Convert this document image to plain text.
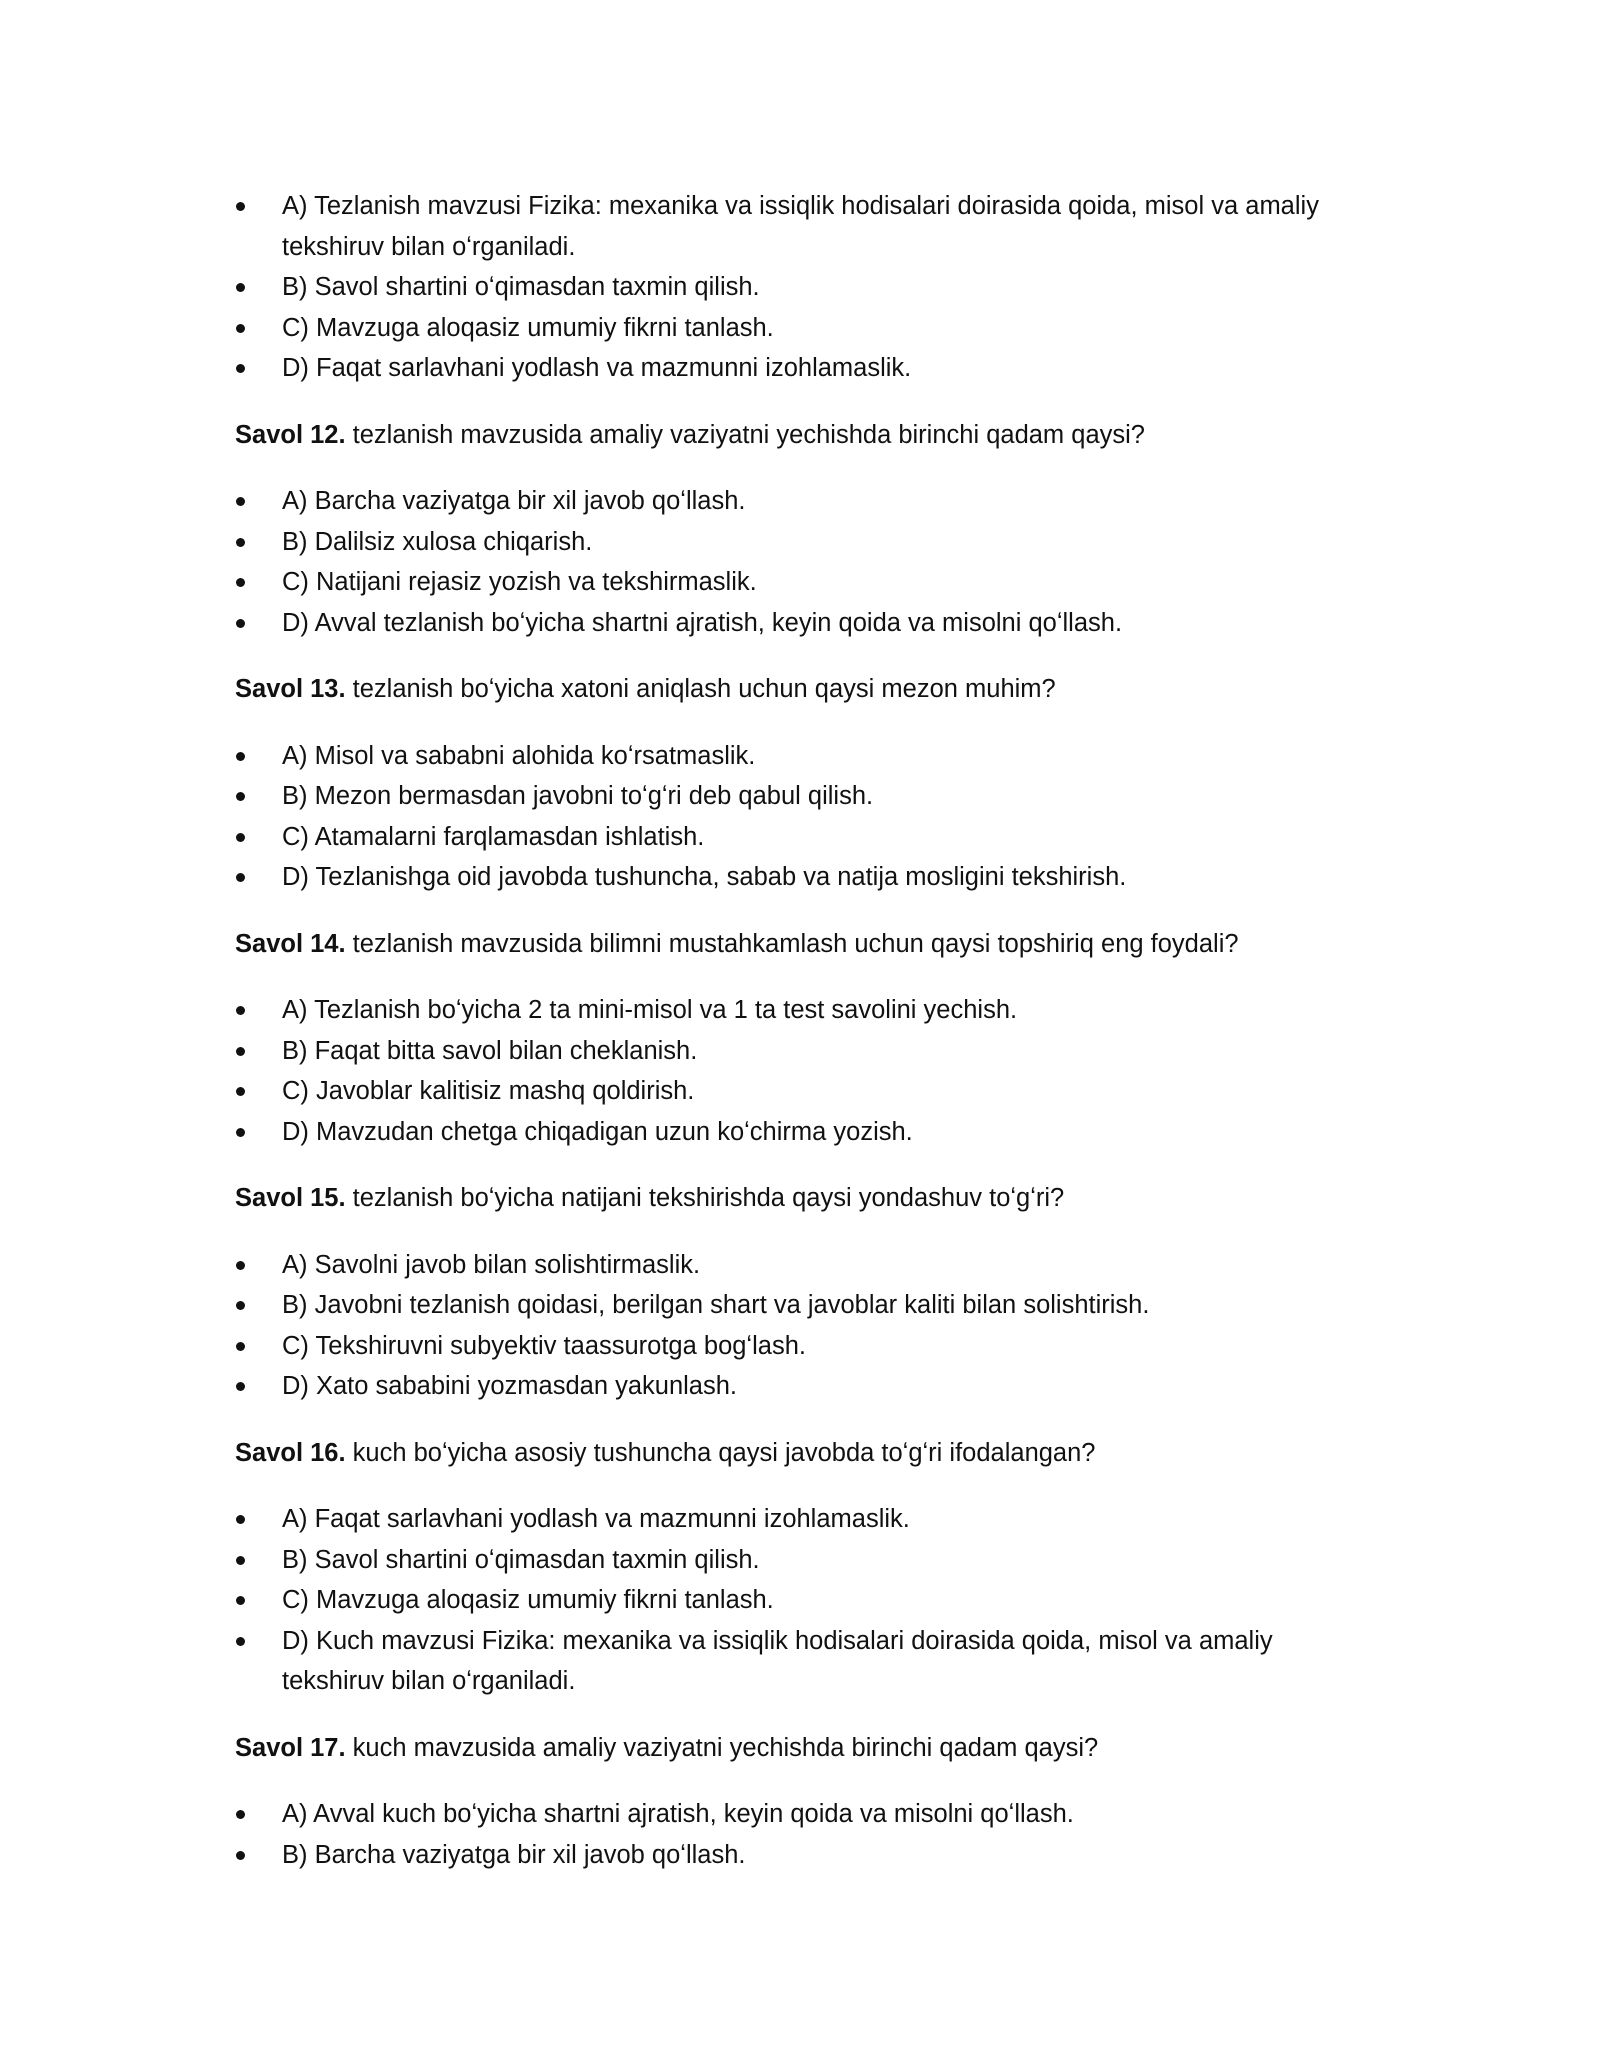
A) Tezlanish mavzusi Fizika: mexanika va issiqlik hodisalari doirasida qoida, misol va amaliy tekshiruv bilan oʻrganiladi.
B) Savol shartini oʻqimasdan taxmin qilish.
C) Mavzuga aloqasiz umumiy fikrni tanlash.
D) Faqat sarlavhani yodlash va mazmunni izohlamaslik.

Savol 12. tezlanish mavzusida amaliy vaziyatni yechishda birinchi qadam qaysi?

A) Barcha vaziyatga bir xil javob qoʻllash.
B) Dalilsiz xulosa chiqarish.
C) Natijani rejasiz yozish va tekshirmaslik.
D) Avval tezlanish boʻyicha shartni ajratish, keyin qoida va misolni qoʻllash.

Savol 13. tezlanish boʻyicha xatoni aniqlash uchun qaysi mezon muhim?

A) Misol va sababni alohida koʻrsatmaslik.
B) Mezon bermasdan javobni toʻgʻri deb qabul qilish.
C) Atamalarni farqlamasdan ishlatish.
D) Tezlanishga oid javobda tushuncha, sabab va natija mosligini tekshirish.

Savol 14. tezlanish mavzusida bilimni mustahkamlash uchun qaysi topshiriq eng foydali?

A) Tezlanish boʻyicha 2 ta mini-misol va 1 ta test savolini yechish.
B) Faqat bitta savol bilan cheklanish.
C) Javoblar kalitisiz mashq qoldirish.
D) Mavzudan chetga chiqadigan uzun koʻchirma yozish.

Savol 15. tezlanish boʻyicha natijani tekshirishda qaysi yondashuv toʻgʻri?

A) Savolni javob bilan solishtirmaslik.
B) Javobni tezlanish qoidasi, berilgan shart va javoblar kaliti bilan solishtirish.
C) Tekshiruvni subyektiv taassurotga bogʻlash.
D) Xato sababini yozmasdan yakunlash.

Savol 16. kuch boʻyicha asosiy tushuncha qaysi javobda toʻgʻri ifodalangan?

A) Faqat sarlavhani yodlash va mazmunni izohlamaslik.
B) Savol shartini oʻqimasdan taxmin qilish.
C) Mavzuga aloqasiz umumiy fikrni tanlash.
D) Kuch mavzusi Fizika: mexanika va issiqlik hodisalari doirasida qoida, misol va amaliy tekshiruv bilan oʻrganiladi.

Savol 17. kuch mavzusida amaliy vaziyatni yechishda birinchi qadam qaysi?

A) Avval kuch boʻyicha shartni ajratish, keyin qoida va misolni qoʻllash.
B) Barcha vaziyatga bir xil javob qoʻllash.
